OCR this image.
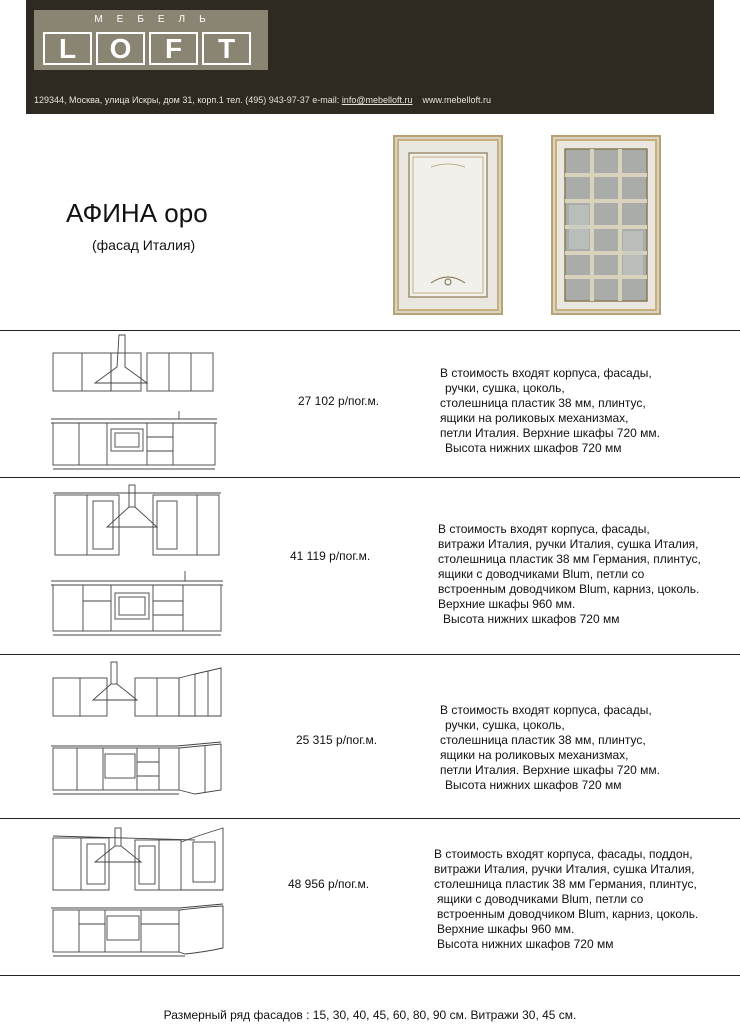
МЕБЕЛЬ
L	O	F	T
129344, Москва, улица Искры, дом 31, корп.1 тел. (495) 943-97-37 e-mail: info@mebelloft.ru www.mebelloft.ru
АФИНА оро
(фасад Италия)
27 102 р/пог.м.
В стоимость входят корпуса, фасады,
ручки, сушка, цоколь,
столешница пластик 38 мм, плинтус,
ящики на роликовых механизмах,
петли Италия. Верхние шкафы 720 мм.
Высота нижних шкафов 720 мм
41 119 р/пог.м.
В стоимость входят корпуса, фасады,
витражи Италия, ручки Италия, сушка Италия,
столешница пластик 38 мм Германия, плинтус,
ящики с доводчиками Blum, петли со
встроенным доводчиком Blum, карниз, цоколь.
Верхние шкафы 960 мм.
Высота нижних шкафов 720 мм
25 315 р/пог.м.
В стоимость входят корпуса, фасады,
ручки, сушка, цоколь,
столешница пластик 38 мм, плинтус,
ящики на роликовых механизмах,
петли Италия. Верхние шкафы 720 мм.
Высота нижних шкафов 720 мм
48 956 р/пог.м.
В стоимость входят корпуса, фасады, поддон,
витражи Италия, ручки Италия, сушка Италия,
столешница пластик 38 мм Германия, плинтус,
ящики с доводчиками Blum, петли со
встроенным доводчиком Blum, карниз, цоколь.
Верхние шкафы 960 мм.
Высота нижних шкафов 720 мм
Размерный ряд фасадов : 15, 30, 40, 45, 60, 80, 90 см. Витражи 30, 45 см.
